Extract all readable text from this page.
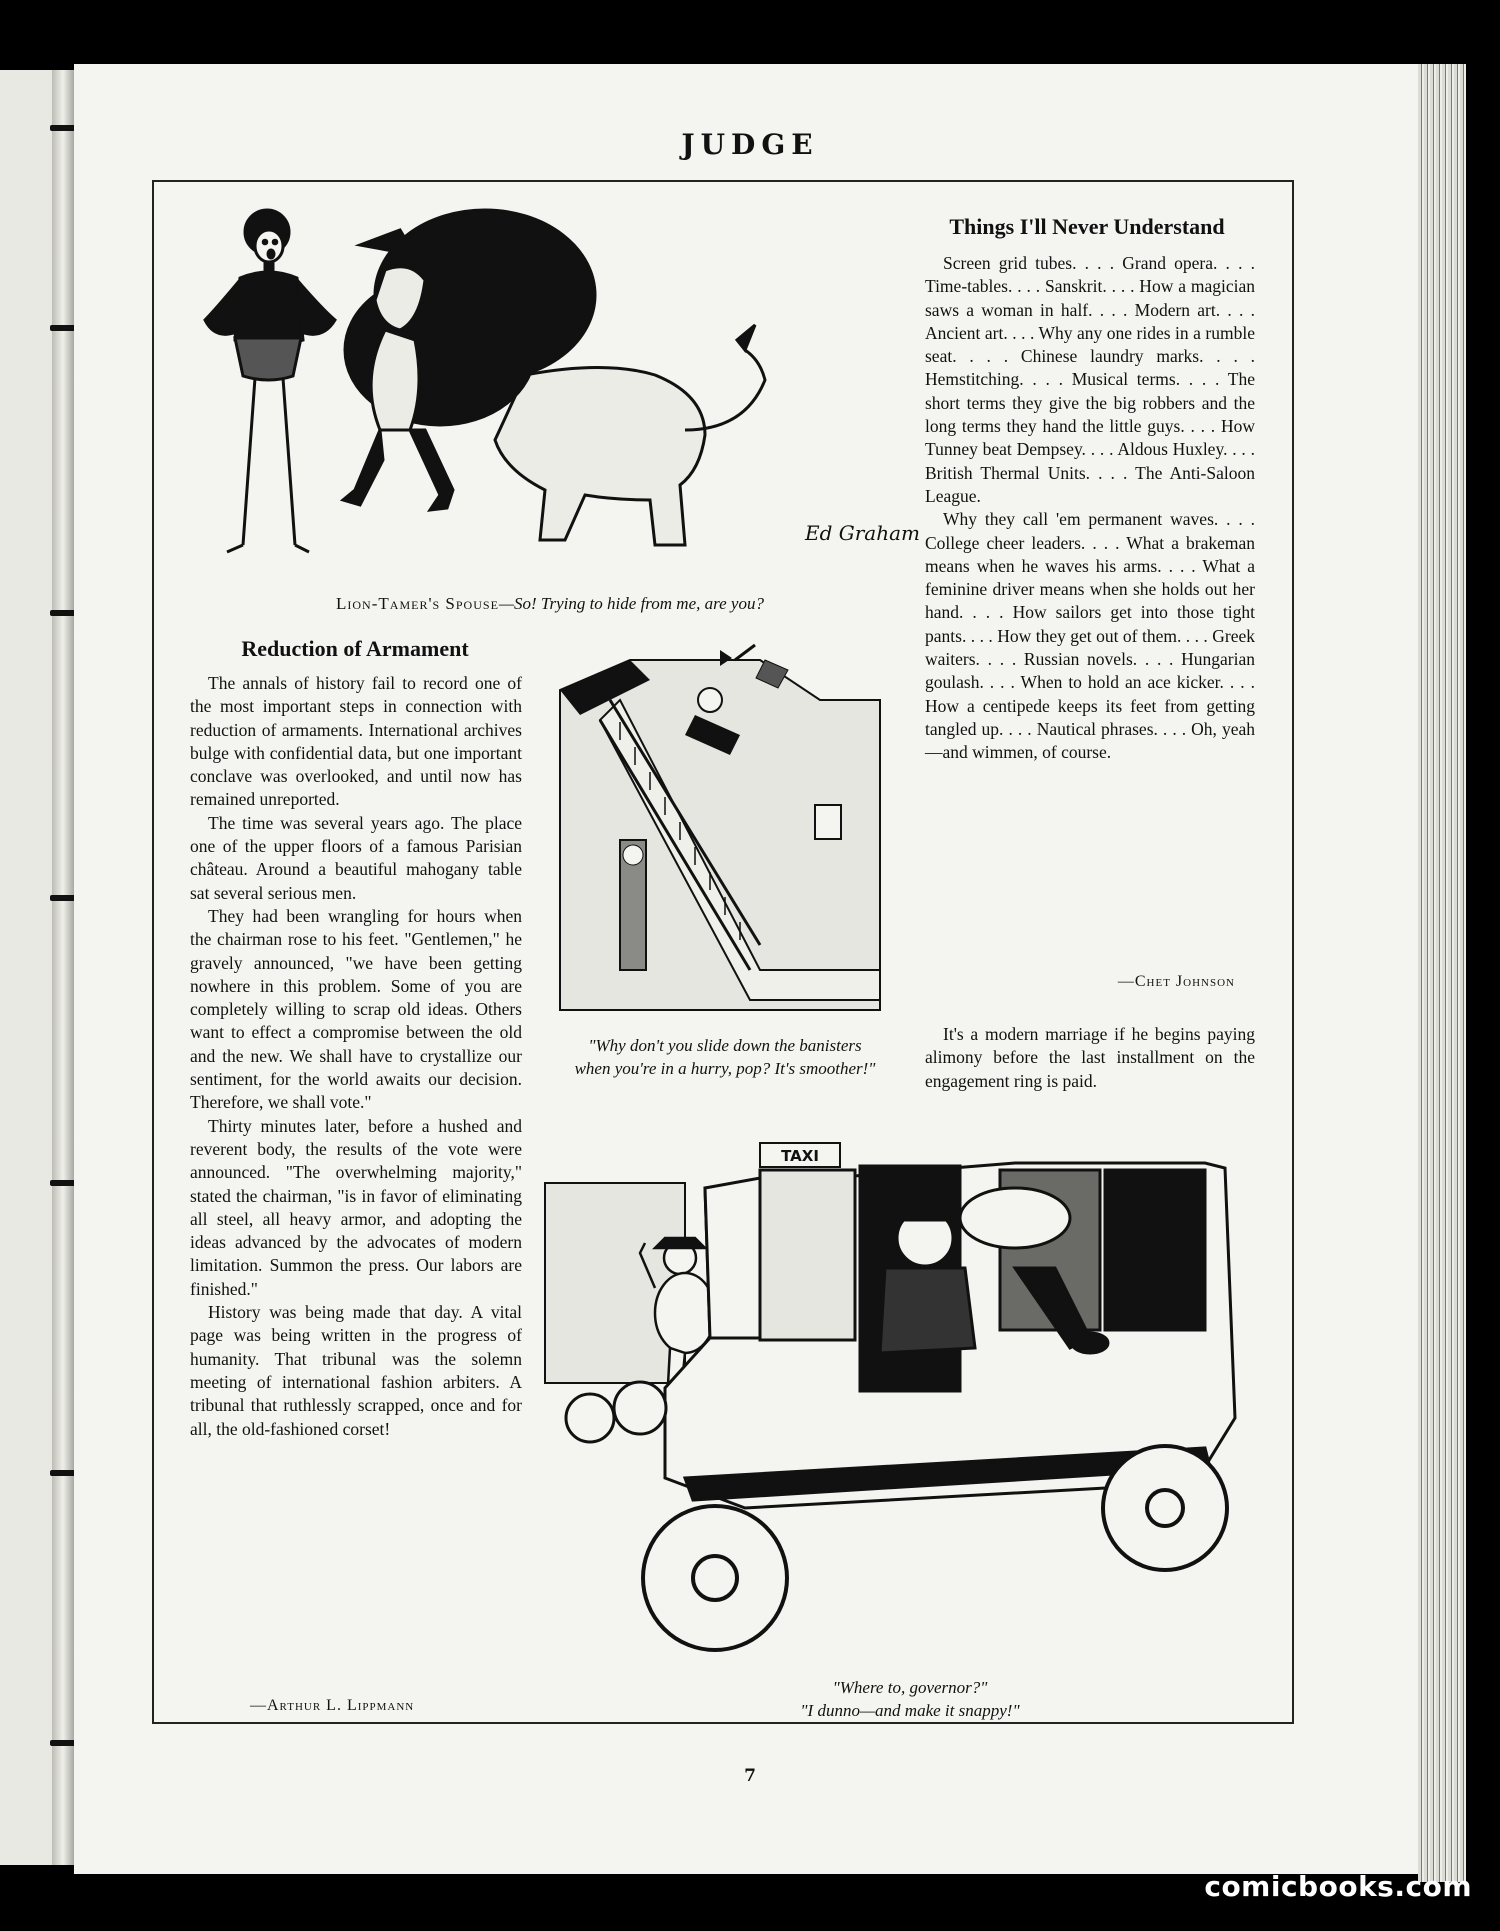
JUDGE
Ed Graham
Lion-Tamer's Spouse—So! Trying to hide from me, are you?
Things I'll Never Understand

Screen grid tubes. . . . Grand opera. . . . Time-tables. . . . Sanskrit. . . . How a magician saws a woman in half. . . . Modern art. . . . Ancient art. . . . Why any one rides in a rumble seat. . . . Chinese laundry marks. . . . Hemstitching. . . . Musical terms. . . . The short terms they give the big robbers and the long terms they hand the little guys. . . . How Tunney beat Dempsey. . . . Aldous Huxley. . . . British Thermal Units. . . . The Anti-Saloon League.

Why they call 'em permanent waves. . . . College cheer leaders. . . . What a brakeman means when he waves his arms. . . . What a feminine driver means when she holds out her hand. . . . How sailors get into those tight pants. . . . How they get out of them. . . . Greek waiters. . . . Russian novels. . . . Hungarian goulash. . . . When to hold an ace kicker. . . . How a centipede keeps its feet from getting tangled up. . . . Nautical phrases. . . . Oh, yeah—and wimmen, of course.

—Chet Johnson

It's a modern marriage if he begins paying alimony before the last installment on the engagement ring is paid.

Reduction of Armament

The annals of history fail to record one of the most important steps in connection with reduction of armaments. International archives bulge with confidential data, but one important conclave was overlooked, and until now has remained unreported.

The time was several years ago. The place one of the upper floors of a famous Parisian château. Around a beautiful mahogany table sat several serious men.

They had been wrangling for hours when the chairman rose to his feet. "Gentlemen," he gravely announced, "we have been getting nowhere in this problem. Some of you are completely willing to scrap old ideas. Others want to effect a compromise between the old and the new. We shall have to crystallize our sentiment, for the world awaits our decision. Therefore, we shall vote."

Thirty minutes later, before a hushed and reverent body, the results of the vote were announced. "The overwhelming majority," stated the chairman, "is in favor of eliminating all steel, all heavy armor, and adopting the ideas advanced by the advocates of modern limitation. Summon the press. Our labors are finished."

History was being made that day. A vital page was being written in the progress of humanity. That tribunal was the solemn meeting of international fashion arbiters. A tribunal that ruthlessly scrapped, once and for all, the old-fashioned corset!

—Arthur L. Lippmann
"Why don't you slide down the banisters when you're in a hurry, pop? It's smoother!"
TAXI
"Where to, governor?"
"I dunno—and make it snappy!"
7
comicbooks.com
